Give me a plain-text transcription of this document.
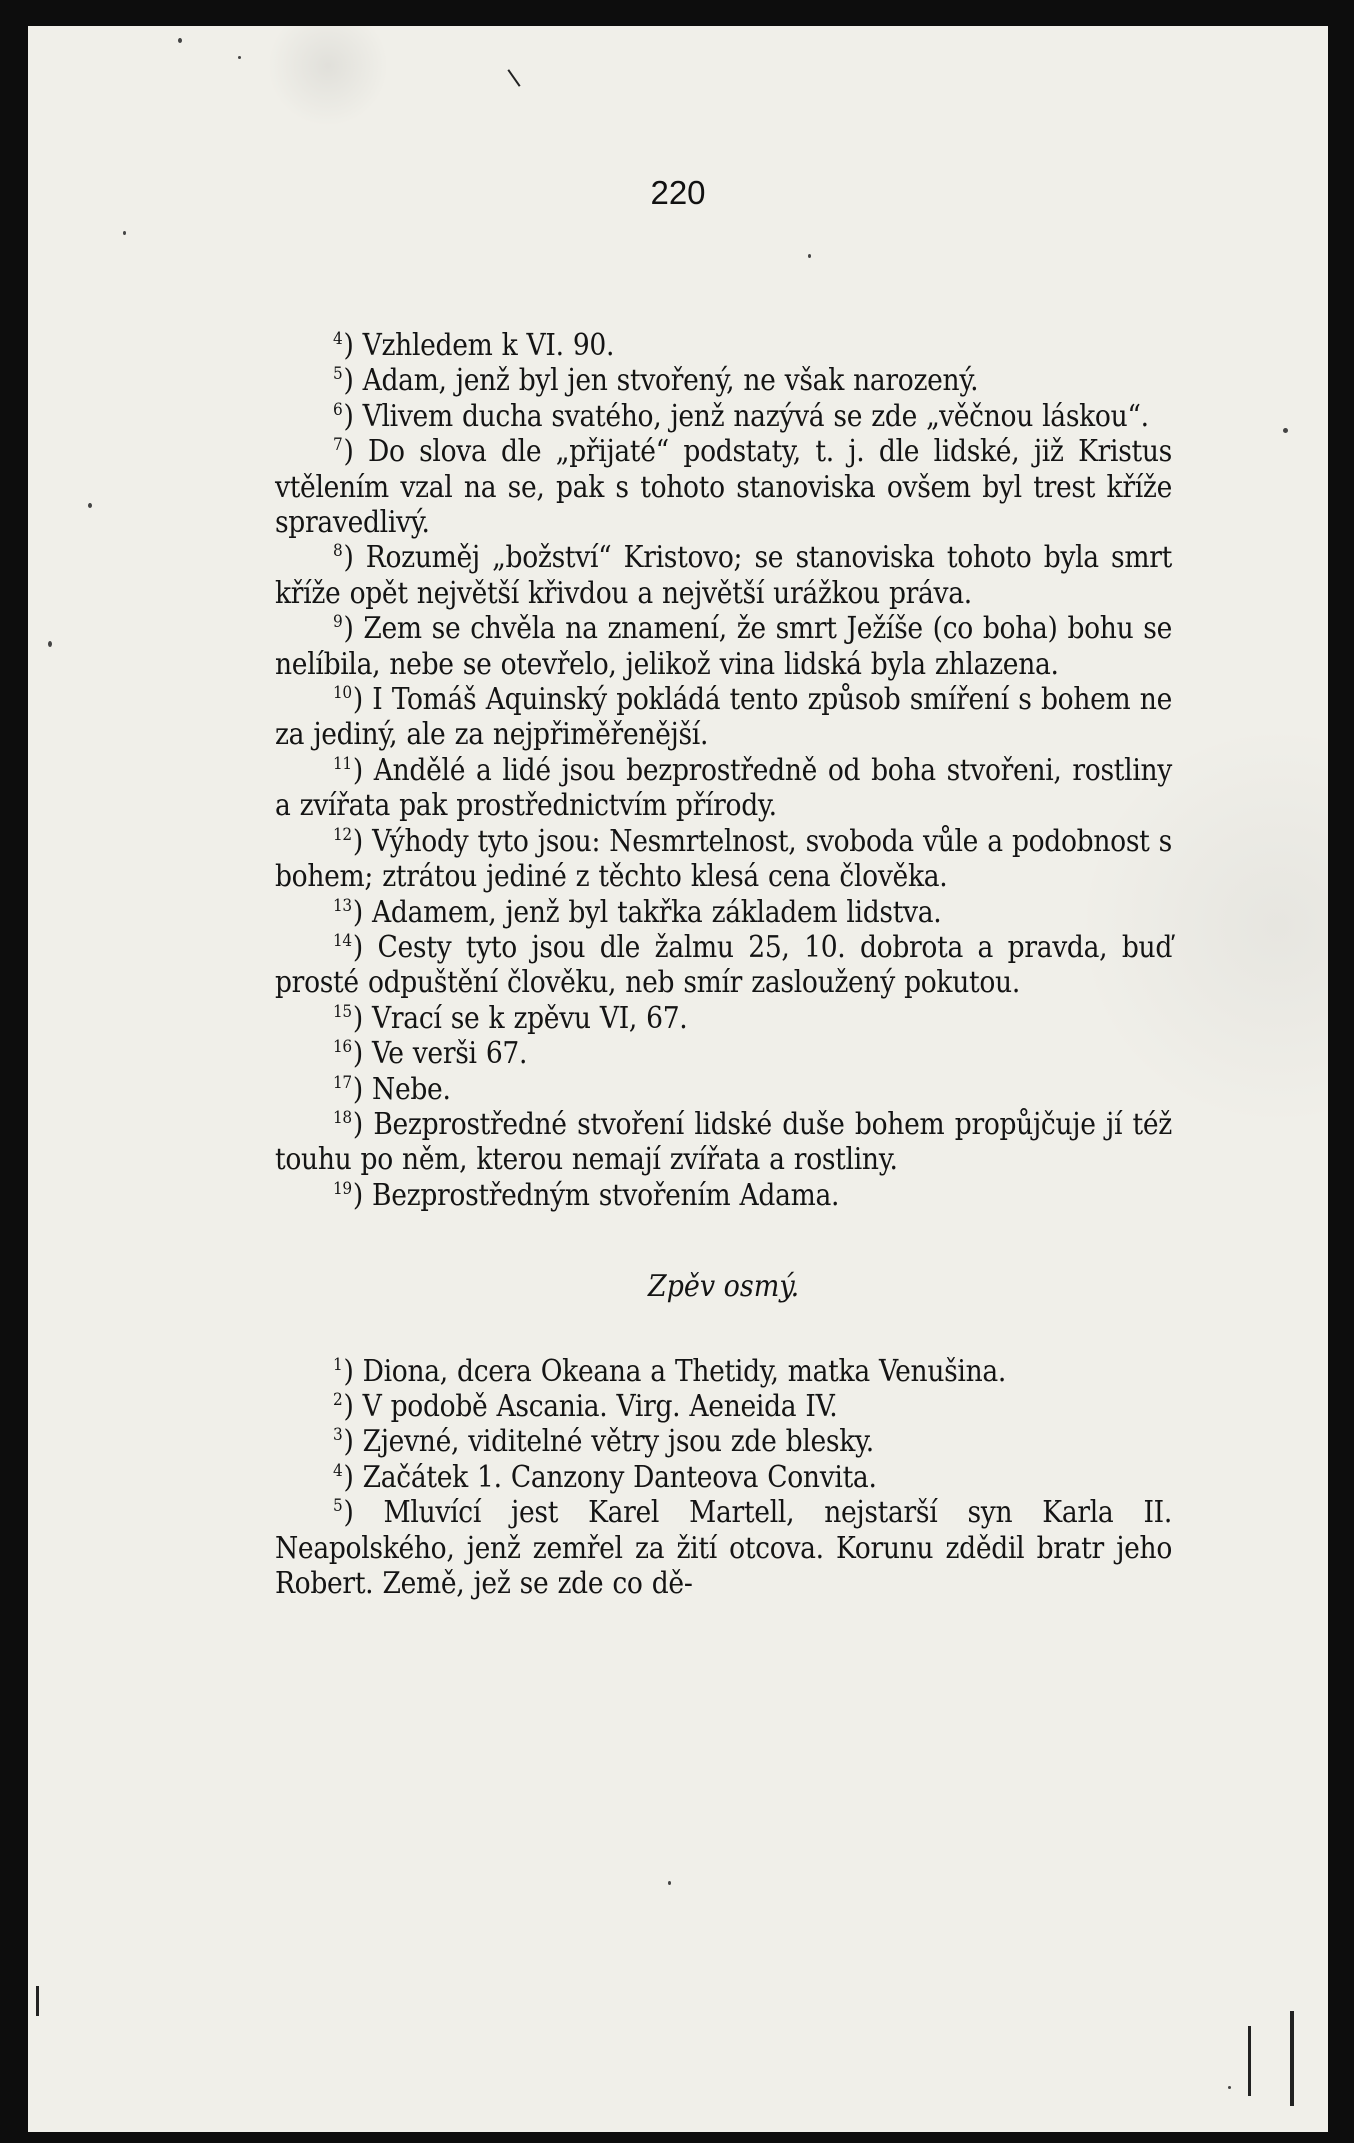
220

$^4$) Vzhledem k VI. 90.

$^5$) Adam, jenž byl jen stvořený, ne však narozený.

$^6$) Vlivem ducha svatého, jenž nazývá se zde „věčnou láskou“.

$^7$) Do slova dle „přijaté“ podstaty, t. j. dle lidské, již Kristus vtělením vzal na se, pak s tohoto stanoviska ovšem byl trest kříže spravedlivý.

$^8$) Rozuměj „božství“ Kristovo; se stanoviska tohoto byla smrt kříže opět největší křivdou a největší urážkou práva.

$^9$) Zem se chvěla na znamení, že smrt Ježíše (co boha) bohu se nelíbila, nebe se otevřelo, jelikož vina lidská byla zhlazena.

$^{10}$) I Tomáš Aquinský pokládá tento způsob smíření s bohem ne za jediný, ale za nejpřiměřenější.

$^{11}$) Andělé a lidé jsou bezprostředně od boha stvořeni, rostliny a zvířata pak prostřednictvím přírody.

$^{12}$) Výhody tyto jsou: Nesmrtelnost, svoboda vůle a podobnost s bohem; ztrátou jediné z těchto klesá cena člověka.

$^{13}$) Adamem, jenž byl takřka základem lidstva.

$^{14}$) Cesty tyto jsou dle žalmu 25, 10. dobrota a pravda, buď prosté odpuštění člověku, neb smír zasloužený pokutou.

$^{15}$) Vrací se k zpěvu VI, 67.

$^{16}$) Ve verši 67.

$^{17}$) Nebe.

$^{18}$) Bezprostředné stvoření lidské duše bohem propůjčuje jí též touhu po něm, kterou nemají zvířata a rostliny.

$^{19}$) Bezprostředným stvořením Adama.

Zpěv osmý.

$^1$) Diona, dcera Okeana a Thetidy, matka Venušina.

$^2$) V podobě Ascania. Virg. Aeneida IV.

$^3$) Zjevné, viditelné větry jsou zde blesky.

$^4$) Začátek 1. Canzony Danteova Convita.

$^5$) Mluvící jest Karel Martell, nejstarší syn Karla II. Neapolského, jenž zemřel za žití otcova. Korunu zdědil bratr jeho Robert. Země, jež se zde co dě-
